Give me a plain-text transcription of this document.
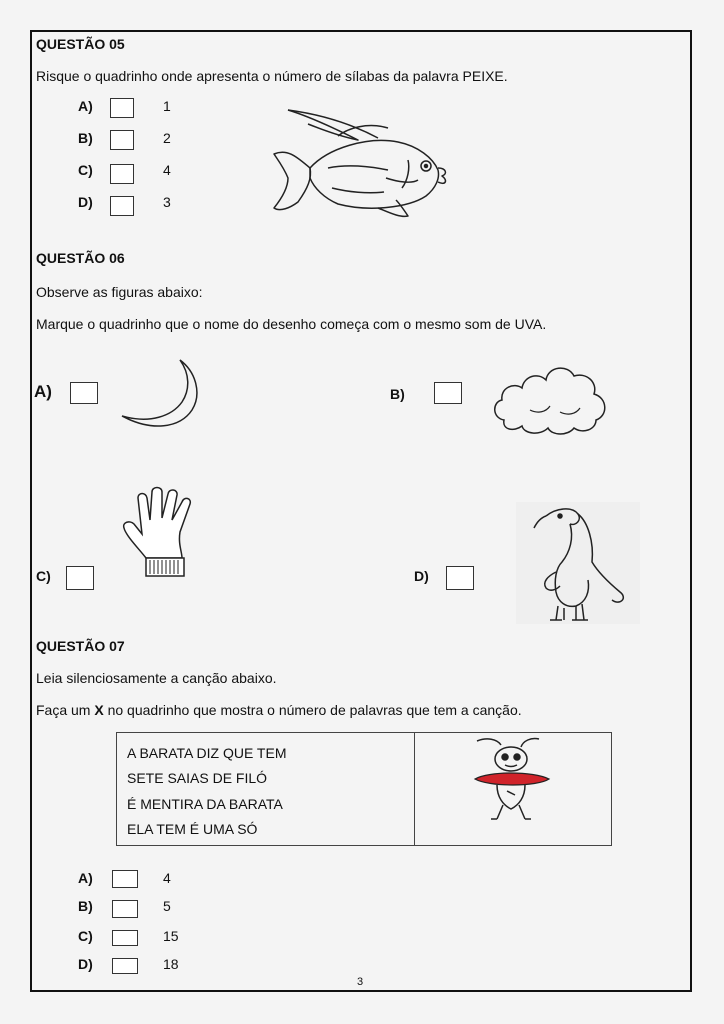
QUESTÃO 05
Risque o quadrinho onde apresenta o número de sílabas da palavra PEIXE.
A)	1
B)	2
C)	4
D)	3
QUESTÃO 06
Observe as figuras abaixo:
Marque o quadrinho que o nome do desenho começa com o mesmo som de UVA.
A)	B)
C)	D)
QUESTÃO 07
Leia silenciosamente a canção abaixo.
Faça um X no quadrinho que mostra o número de palavras que tem a canção.
A BARATA DIZ QUE TEM
SETE SAIAS DE FILÓ
É MENTIRA DA BARATA
ELA TEM É UMA SÓ
A)	4
B)	5
C)	15
D)	18
3
